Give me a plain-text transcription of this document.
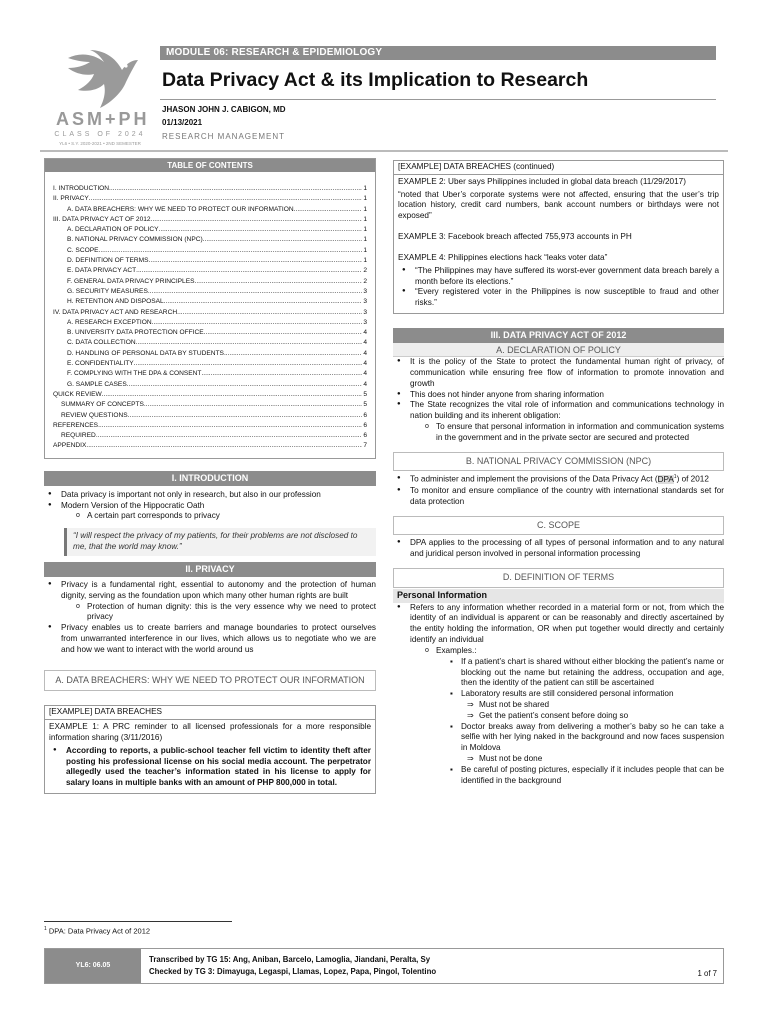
ASM+PH
CLASS OF 2024
YL6 • S.Y. 2020-2021 • 2ND SEMESTER
MODULE 06: RESEARCH & EPIDEMIOLOGY
Data Privacy Act & its Implication to Research
JHASON JOHN J. CABIGON, MD
01/13/2021
RESEARCH MANAGEMENT
TABLE OF CONTENTS
I. INTRODUCTION .....	1
II. PRIVACY .....	1
A. DATA BREACHERS: WHY WE NEED TO PROTECT OUR INFORMATION .....	1
III. DATA PRIVACY ACT OF 2012 .....	1
A. DECLARATION OF POLICY .....	1
B. NATIONAL PRIVACY COMMISSION (NPC) .....	1
C. SCOPE .....	1
D. DEFINITION OF TERMS .....	1
E. DATA PRIVACY ACT .....	2
F. GENERAL DATA PRIVACY PRINCIPLES .....	2
G. SECURITY MEASURES .....	3
H. RETENTION AND DISPOSAL .....	3
IV. DATA PRIVACY ACT AND RESEARCH .....	3
A. RESEARCH EXCEPTION .....	3
B. UNIVERSITY DATA PROTECTION OFFICE .....	4
C. DATA COLLECTION .....	4
D. HANDLING OF PERSONAL DATA BY STUDENTS .....	4
E. CONFIDENTIALITY .....	4
F. COMPLYING WITH THE DPA & CONSENT .....	4
G. SAMPLE CASES .....	4
QUICK REVIEW .....	5
SUMMARY OF CONCEPTS .....	5
REVIEW QUESTIONS .....	6
REFERENCES .....	6
REQUIRED .....	6
APPENDIX .....	7
I. INTRODUCTION
● Data privacy is important not only in research, but also in our profession
● Modern Version of the Hippocratic Oath
o A certain part corresponds to privacy
“I will respect the privacy of my patients, for their problems are not disclosed to me, that the world may know.”
II. PRIVACY
● Privacy is a fundamental right, essential to autonomy and the protection of human dignity, serving as the foundation upon which many other human rights are built
o Protection of human dignity: this is the very essence why we need to protect privacy
● Privacy enables us to create barriers and manage boundaries to protect ourselves from unwarranted interference in our lives, which allows us to negotiate who we are and how we want to interact with the world around us
A. DATA BREACHERS: WHY WE NEED TO PROTECT OUR INFORMATION
[EXAMPLE] DATA BREACHES

EXAMPLE 1: A PRC reminder to all licensed professionals for a more responsible information sharing (3/11/2016)

● According to reports, a public-school teacher fell victim to identity theft after posting his professional license on his social media account. The perpetrator allegedly used the teacher’s information stated in his license to apply for salary loans in multiple banks with an amount of PHP 800,000 in total.
[EXAMPLE] DATA BREACHES (continued)

EXAMPLE 2: Uber says Philippines included in global data breach (11/29/2017)

“noted that Uber’s corporate systems were not affected, ensuring that the user’s trip location history, credit card numbers, bank account numbers or birthdays were not exposed”

EXAMPLE 3: Facebook breach affected 755,973 accounts in PH

EXAMPLE 4: Philippines elections hack “leaks voter data”

● “The Philippines may have suffered its worst-ever government data breach barely a month before its elections.”
● “Every registered voter in the Philippines is now susceptible to fraud and other risks.”
III. DATA PRIVACY ACT OF 2012
A. DECLARATION OF POLICY
● It is the policy of the State to protect the fundamental human right of privacy, of communication while ensuring free flow of information to promote innovation and growth
● This does not hinder anyone from sharing information
● The State recognizes the vital role of information and communications technology in nation building and its inherent obligation:
o To ensure that personal information in information and communication systems in the government and in the private sector are secured and protected
B. NATIONAL PRIVACY COMMISSION (NPC)
● To administer and implement the provisions of the Data Privacy Act (DPA$^1$) of 2012
● To monitor and ensure compliance of the country with international standards set for data protection
C. SCOPE
● DPA applies to the processing of all types of personal information and to any natural and juridical person involved in personal information processing
D. DEFINITION OF TERMS
Personal Information
● Refers to any information whether recorded in a material form or not, from which the identity of an individual is apparent or can be reasonably and directly ascertained by the entity holding the information, OR when put together would directly and certainly identify an individual
o Examples.:
▪ If a patient’s chart is shared without either blocking the patient’s name or blocking out the name but retaining the address, occupation and age, then the identity of the patient can still be ascertained
▪ Laboratory results are still considered personal information
⇒ Must not be shared
⇒ Get the patient’s consent before doing so
▪ Doctor breaks away from delivering a mother’s baby so he can take a selfie with her lying naked in the background and now faces suspension in Moldova
⇒ Must not be done
▪ Be careful of posting pictures, especially if it includes people that can be identified in the background
$^1$ DPA: Data Privacy Act of 2012
YL6: 06.05
Transcribed by TG 15: Ang, Aniban, Barcelo, Lamoglia, Jiandani, Peralta, Sy
Checked by TG 3: Dimayuga, Legaspi, Llamas, Lopez, Papa, Pingol, Tolentino	1 of 7
